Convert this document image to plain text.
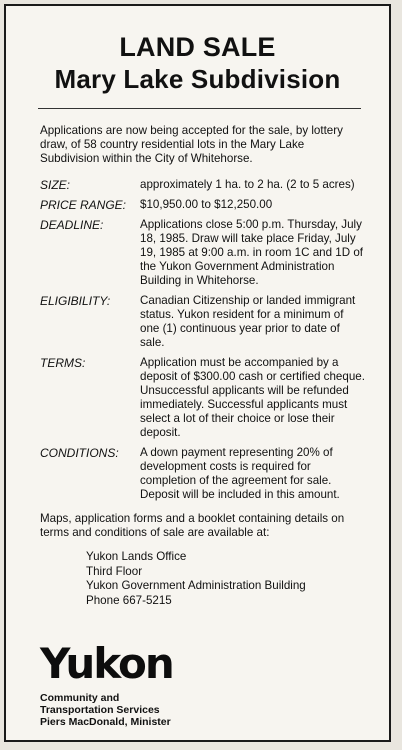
LAND SALE
Mary Lake Subdivision

Applications are now being accepted for the sale, by lottery draw, of 58 country residential lots in the Mary Lake Subdivision within the City of Whitehorse.

SIZE:	approximately 1 ha. to 2 ha. (2 to 5 acres)
PRICE RANGE:	$10,950.00 to $12,250.00
DEADLINE:	Applications close 5:00 p.m. Thursday, July 18, 1985. Draw will take place Friday, July 19, 1985 at 9:00 a.m. in room 1C and 1D of the Yukon Government Administration Building in Whitehorse.
ELIGIBILITY:	Canadian Citizenship or landed immigrant status. Yukon resident for a minimum of one (1) continuous year prior to date of sale.
TERMS:	Application must be accompanied by a deposit of $300.00 cash or certified cheque. Unsuccessful applicants will be refunded immediately. Successful applicants must select a lot of their choice or lose their deposit.
CONDITIONS:	A down payment representing 20% of development costs is required for completion of the agreement for sale. Deposit will be included in this amount.

Maps, application forms and a booklet containing details on terms and conditions of sale are available at:

Yukon Lands Office
Third Floor
Yukon Government Administration Building
Phone 667-5215
Yukon
Community and
Transportation Services
Piers MacDonald, Minister
